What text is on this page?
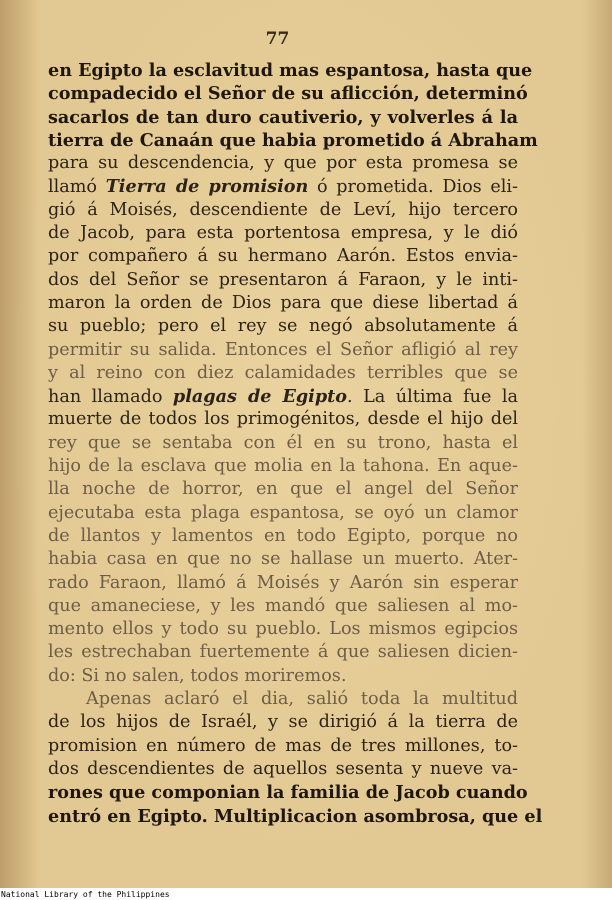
77

en Egipto la esclavitud mas espantosa, hasta que
compadecido el Señor de su aflicción, determinó
sacarlos de tan duro cautiverio, y volverles á la
tierra de Canaán que habia prometido á Abraham
para su descendencia, y que por esta promesa se
llamó Tierra de promision ó prometida. Dios eli-
gió á Moisés, descendiente de Leví, hijo tercero
de Jacob, para esta portentosa empresa, y le dió
por compañero á su hermano Aarón. Estos envia-
dos del Señor se presentaron á Faraon, y le inti-
maron la orden de Dios para que diese libertad á
su pueblo; pero el rey se negó absolutamente á
permitir su salida. Entonces el Señor afligió al rey
y al reino con diez calamidades terribles que se
han llamado plagas de Egipto. La última fue la
muerte de todos los primogénitos, desde el hijo del
rey que se sentaba con él en su trono, hasta el
hijo de la esclava que molia en la tahona. En aque-
lla noche de horror, en que el angel del Señor
ejecutaba esta plaga espantosa, se oyó un clamor
de llantos y lamentos en todo Egipto, porque no
habia casa en que no se hallase un muerto. Ater-
rado Faraon, llamó á Moisés y Aarón sin esperar
que amaneciese, y les mandó que saliesen al mo-
mento ellos y todo su pueblo. Los mismos egipcios
les estrechaban fuertemente á que saliesen dicien-
do: Si no salen, todos moriremos.
Apenas aclaró el dia, salió toda la multitud
de los hijos de Israél, y se dirigió á la tierra de
promision en número de mas de tres millones, to-
dos descendientes de aquellos sesenta y nueve va-
rones que componian la familia de Jacob cuando
entró en Egipto. Multiplicacion asombrosa, que el

National Library of the Philippines
